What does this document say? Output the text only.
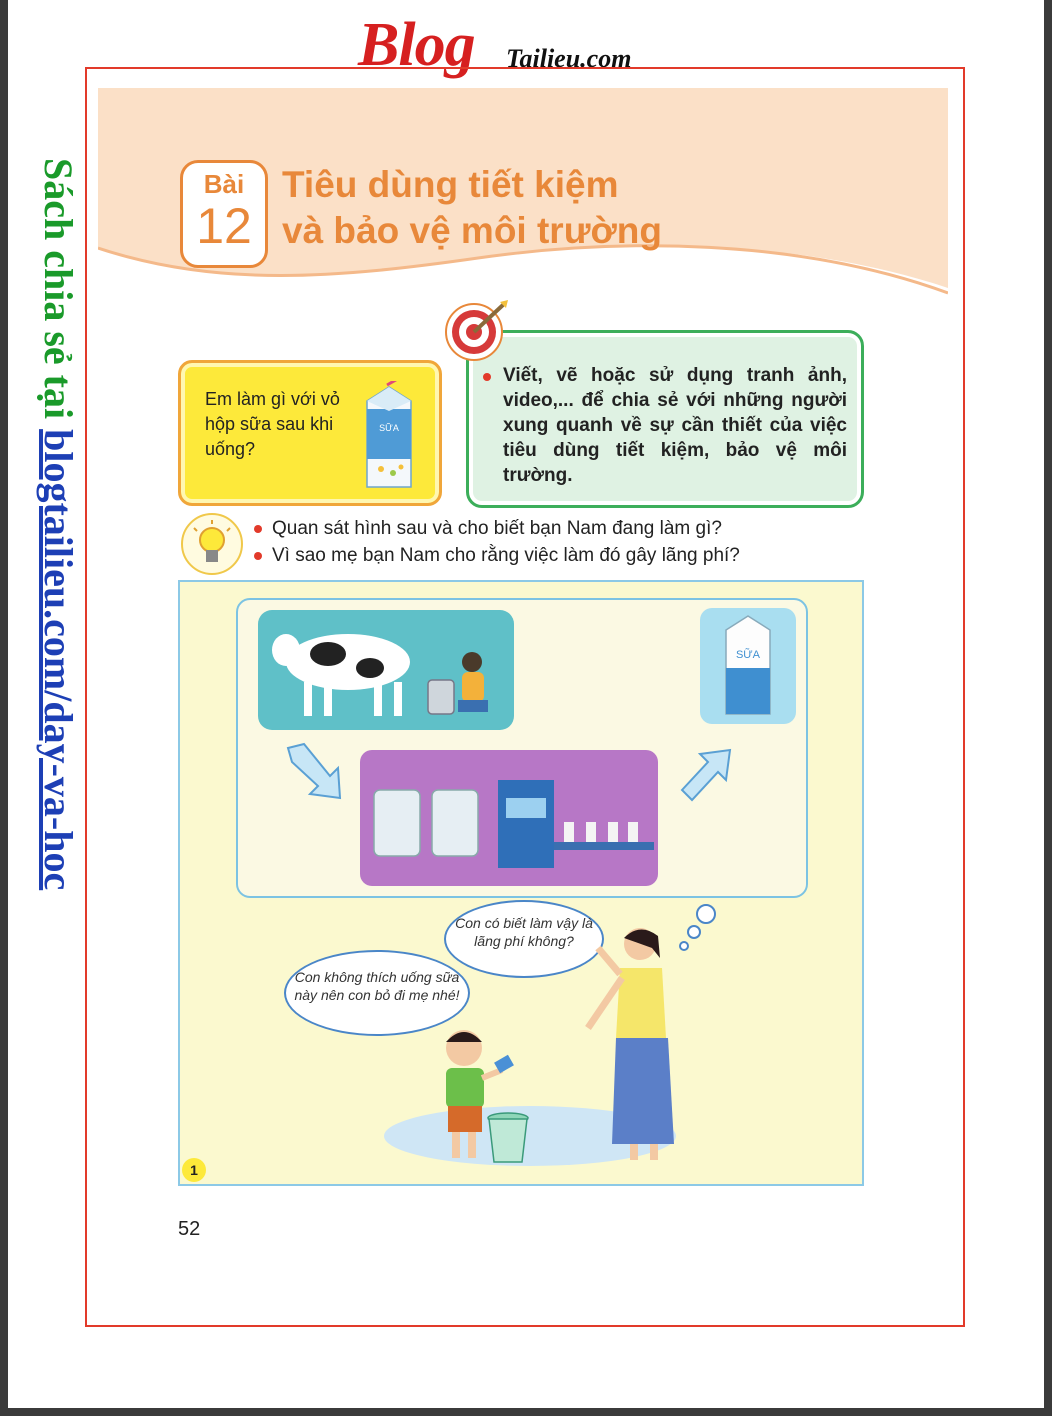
Blog Tailieu.com
Sách chia sẻ tại blogtailieu.com/day-va-hoc
Bài
12
Tiêu dùng tiết kiệm
và bảo vệ môi trường
Em làm gì với vỏ hộp sữa sau khi uống?
SỮA
Viết, vẽ hoặc sử dụng tranh ảnh, video,... để chia sẻ với những người xung quanh về sự cần thiết của việc tiêu dùng tiết kiệm, bảo vệ môi trường.
Quan sát hình sau và cho biết bạn Nam đang làm gì?
Vì sao mẹ bạn Nam cho rằng việc làm đó gây lãng phí?
SỮA
Con có biết làm vậy là lãng phí không?
Con không thích uống sữa này nên con bỏ đi mẹ nhé!
1
52
